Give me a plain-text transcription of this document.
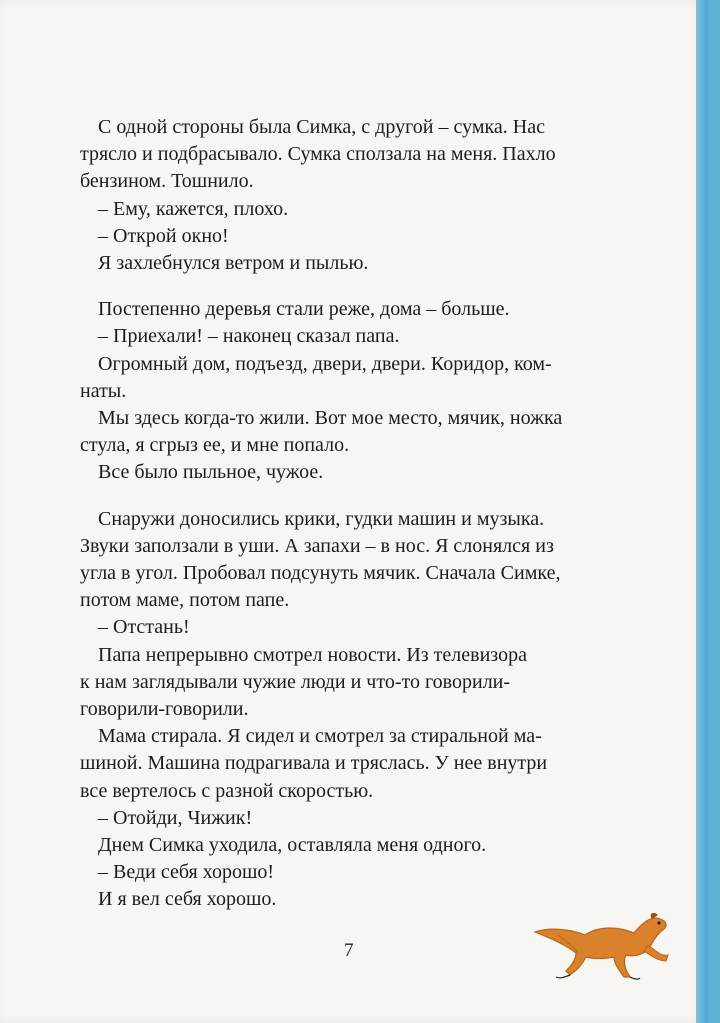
С одной стороны была Симка, с другой – сумка. Нас

трясло и подбрасывало. Сумка сползала на меня. Пахло

бензином. Тошнило.

– Ему, кажется, плохо.

– Открой окно!

Я захлебнулся ветром и пылью.

Постепенно деревья стали реже, дома – больше.

– Приехали! – наконец сказал папа.

Огромный дом, подъезд, двери, двери. Коридор, ком-

наты.

Мы здесь когда-то жили. Вот мое место, мячик, ножка

стула, я сгрыз ее, и мне попало.

Все было пыльное, чужое.

Снаружи доносились крики, гудки машин и музыка.

Звуки заползали в уши. А запахи – в нос. Я слонялся из

угла в угол. Пробовал подсунуть мячик. Сначала Симке,

потом маме, потом папе.

– Отстань!

Папа непрерывно смотрел новости. Из телевизора

к нам заглядывали чужие люди и что-то говорили-

говорили-говорили.

Мама стирала. Я сидел и смотрел за стиральной ма-

шиной. Машина подрагивала и тряслась. У нее внутри

все вертелось с разной скоростью.

– Отойди, Чижик!

Днем Симка уходила, оставляла меня одного.

– Веди себя хорошо!

И я вел себя хорошо.

7
